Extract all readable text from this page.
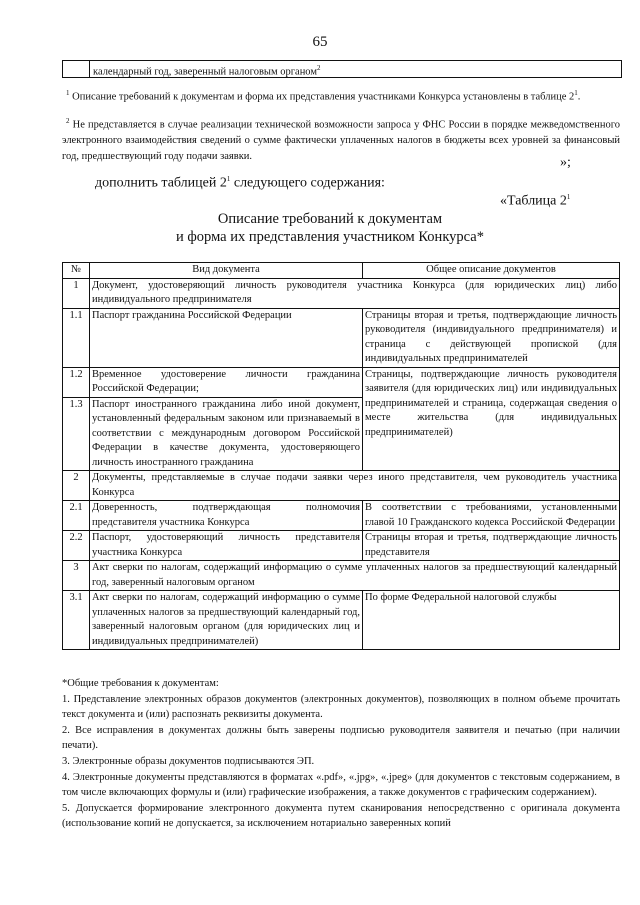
65
календарный год, заверенный налоговым органом$^2$
$^1$ Описание требований к документам и форма их представления участниками Конкурса установлены в таблице $2^1$.
$^2$ Не представляется в случае реализации технической возможности запроса у ФНС России в порядке межведомственного электронного взаимодействия сведений о сумме фактически уплаченных налогов в бюджеты всех уровней за финансовый год, предшествующий году подачи заявки.	»;
дополнить таблицей $2^1$ следующего содержания:
«Таблица $2^1$
Описание требований к документам
и форма их представления участником Конкурса*
№	Вид документа	Общее описание документов
1	Документ, удостоверяющий личность руководителя участника Конкурса (для юридических лиц) либо индивидуального предпринимателя	
1.1	Паспорт гражданина Российской Федерации	Страницы вторая и третья, подтверждающие личность руководителя (индивидуального предпринимателя) и страница с действующей пропиской (для индивидуальных предпринимателей
1.2	Временное удостоверение личности гражданина Российской Федерации;	Страницы, подтверждающие личность руководителя заявителя (для юридических лиц) или индивидуальных предпринимателей и страница, содержащая сведения о месте жительства (для индивидуальных предпринимателей)
1.3	Паспорт иностранного гражданина либо иной документ, установленный федеральным законом или признаваемый в соответствии с международным договором Российской Федерации в качестве документа, удостоверяющего личность иностранного гражданина	
2	Документы, представляемые в случае подачи заявки через иного представителя, чем руководитель участника Конкурса	
2.1	Доверенность, подтверждающая полномочия представителя участника Конкурса	В соответствии с требованиями, установленными главой 10 Гражданского кодекса Российской Федерации
2.2	Паспорт, удостоверяющий личность представителя участника Конкурса	Страницы вторая и третья, подтверждающие личность представителя
3	Акт сверки по налогам, содержащий информацию о сумме уплаченных налогов за предшествующий календарный год, заверенный налоговым органом	
3.1	Акт сверки по налогам, содержащий информацию о сумме уплаченных налогов за предшествующий календарный год, заверенный налоговым органом (для юридических лиц и индивидуальных предпринимателей)	По форме Федеральной налоговой службы
*Общие требования к документам:
1. Представление электронных образов документов (электронных документов), позволяющих в полном объеме прочитать текст документа и (или) распознать реквизиты документа.
2. Все исправления в документах должны быть заверены подписью руководителя заявителя и печатью (при наличии печати).
3. Электронные образы документов подписываются ЭП.
4. Электронные документы представляются в форматах «.pdf», «.jpg», «.jpeg» (для документов с текстовым содержанием, в том числе включающих формулы и (или) графические изображения, а также документов с графическим содержанием).
5. Допускается формирование электронного документа путем сканирования непосредственно с оригинала документа (использование копий не допускается, за исключением нотариально заверенных копий
